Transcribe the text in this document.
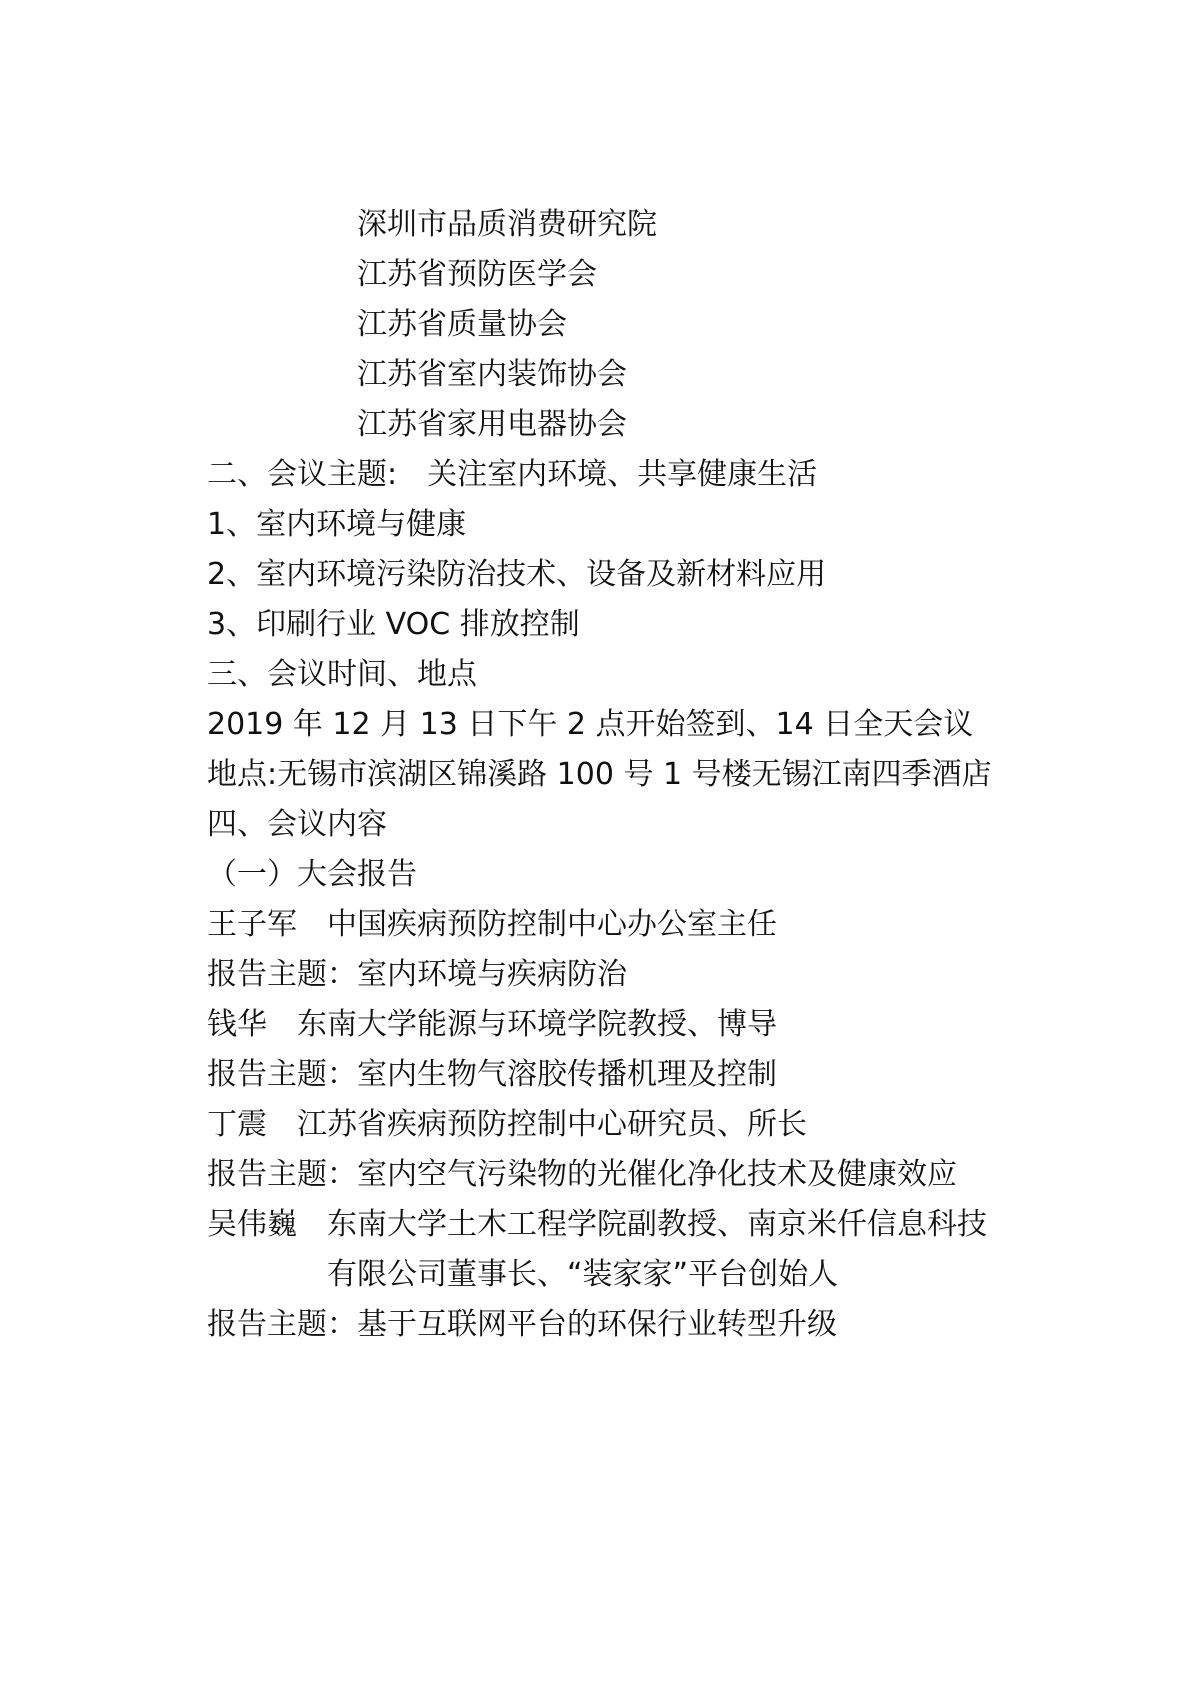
深圳市品质消费研究院
江苏省预防医学会
江苏省质量协会
江苏省室内装饰协会
江苏省家用电器协会
二、会议主题: 关注室内环境、共享健康生活
1、室内环境与健康
2、室内环境污染防治技术、设备及新材料应用
3、印刷行业 VOC 排放控制
三、会议时间、地点
2019 年 12 月 13 日下午 2 点开始签到、14 日全天会议
地点:无锡市滨湖区锦溪路 100 号 1 号楼无锡江南四季酒店
四、会议内容
（一）大会报告
王子军 中国疾病预防控制中心办公室主任
报告主题：室内环境与疾病防治
钱华 东南大学能源与环境学院教授、博导
报告主题：室内生物气溶胶传播机理及控制
丁震 江苏省疾病预防控制中心研究员、所长
报告主题：室内空气污染物的光催化净化技术及健康效应
吴伟巍 东南大学土木工程学院副教授、南京米仟信息科技
有限公司董事长、“装家家”平台创始人
报告主题：基于互联网平台的环保行业转型升级
